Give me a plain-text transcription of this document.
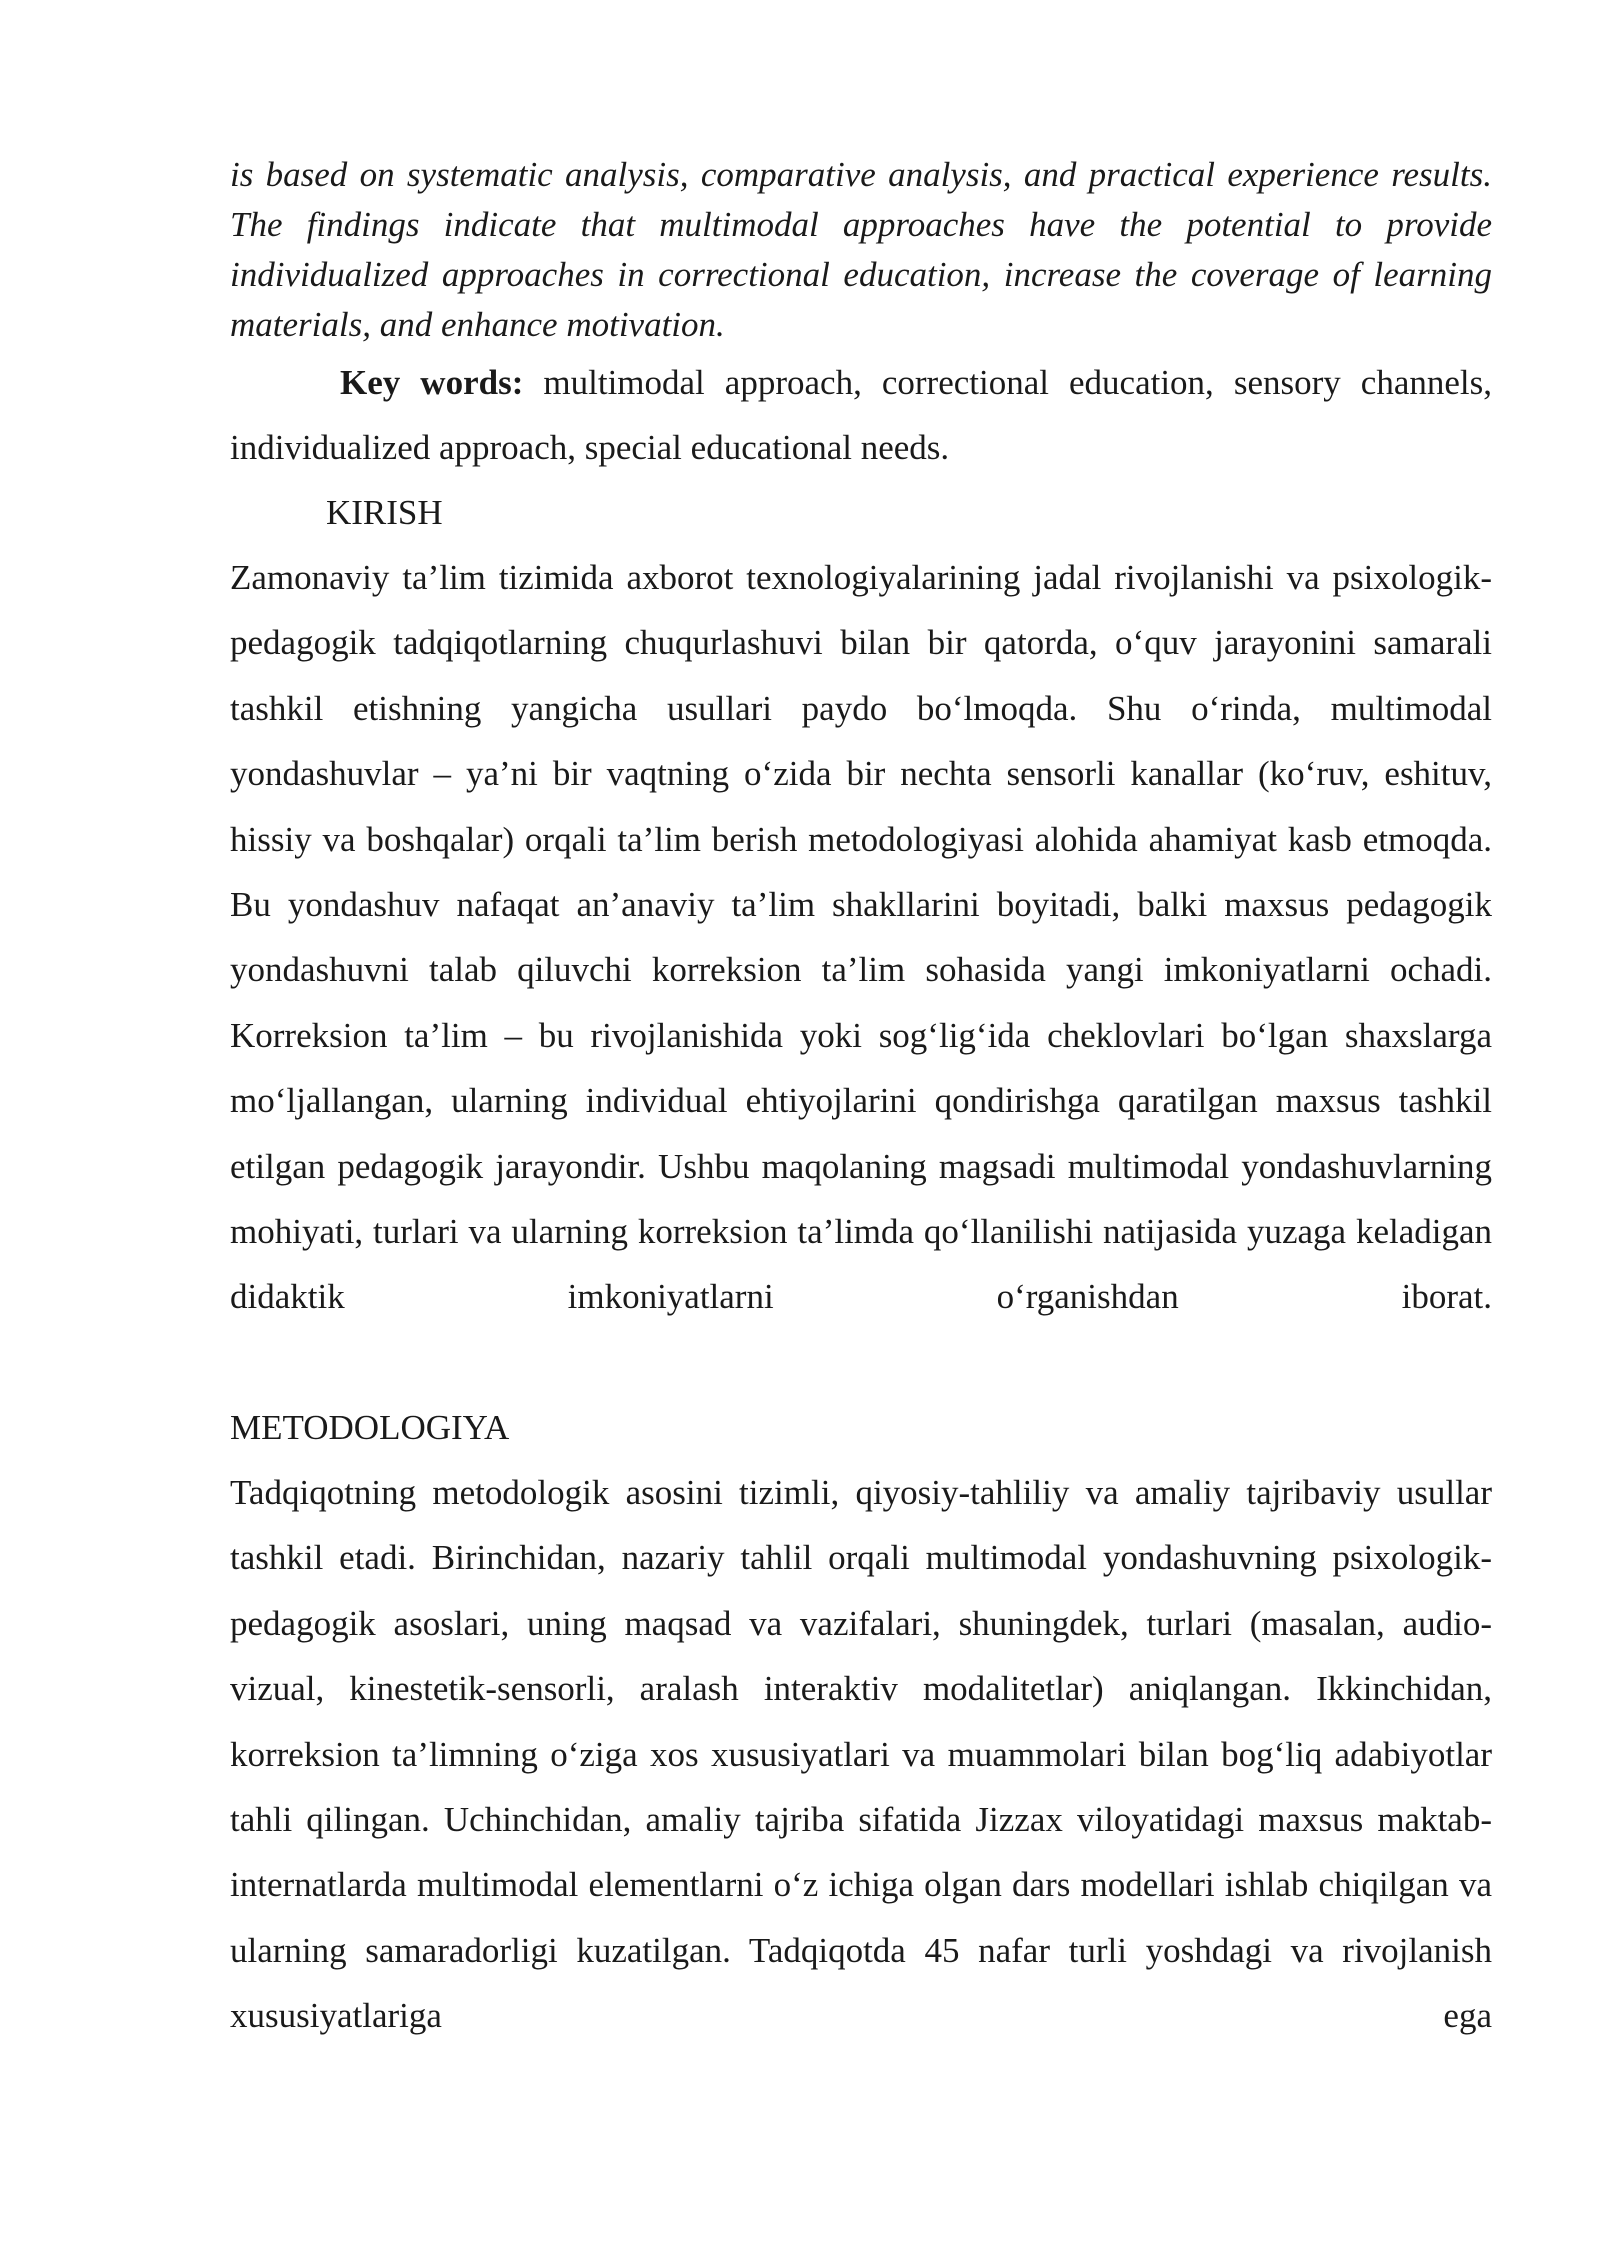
is based on systematic analysis, comparative analysis, and practical experience results. The findings indicate that multimodal approaches have the potential to provide individualized approaches in correctional education, increase the coverage of learning materials, and enhance motivation.

Key words: multimodal approach, correctional education, sensory channels, individualized approach, special educational needs.

KIRISH

Zamonaviy ta’lim tizimida axborot texnologiyalarining jadal rivojlanishi va psixologik-pedagogik tadqiqotlarning chuqurlashuvi bilan bir qatorda, o‘quv jarayonini samarali tashkil etishning yangicha usullari paydo bo‘lmoqda. Shu o‘rinda, multimodal yondashuvlar – ya’ni bir vaqtning o‘zida bir nechta sensorli kanallar (ko‘ruv, eshituv, hissiy va boshqalar) orqali ta’lim berish metodologiyasi alohida ahamiyat kasb etmoqda. Bu yondashuv nafaqat an’anaviy ta’lim shakllarini boyitadi, balki maxsus pedagogik yondashuvni talab qiluvchi korreksion ta’lim sohasida yangi imkoniyatlarni ochadi. Korreksion ta’lim – bu rivojlanishida yoki sog‘lig‘ida cheklovlari bo‘lgan shaxslarga mo‘ljallangan, ularning individual ehtiyojlarini qondirishga qaratilgan maxsus tashkil etilgan pedagogik jarayondir. Ushbu maqolaning magsadi multimodal yondashuvlarning mohiyati, turlari va ularning korreksion ta’limda qo‘llanilishi natijasida yuzaga keladigan didaktik imkoniyatlarni o‘rganishdan iborat.

METODOLOGIYA

Tadqiqotning metodologik asosini tizimli, qiyosiy-tahliliy va amaliy tajribaviy usullar tashkil etadi. Birinchidan, nazariy tahlil orqali multimodal yondashuvning psixologik-pedagogik asoslari, uning maqsad va vazifalari, shuningdek, turlari (masalan, audio-vizual, kinestetik-sensorli, aralash interaktiv modalitetlar) aniqlangan. Ikkinchidan, korreksion ta’limning o‘ziga xos xususiyatlari va muammolari bilan bog‘liq adabiyotlar tahli qilingan. Uchinchidan, amaliy tajriba sifatida Jizzax viloyatidagi maxsus maktab-internatlarda multimodal elementlarni o‘z ichiga olgan dars modellari ishlab chiqilgan va ularning samaradorligi kuzatilgan. Tadqiqotda 45 nafar turli yoshdagi va rivojlanish xususiyatlariga ega
